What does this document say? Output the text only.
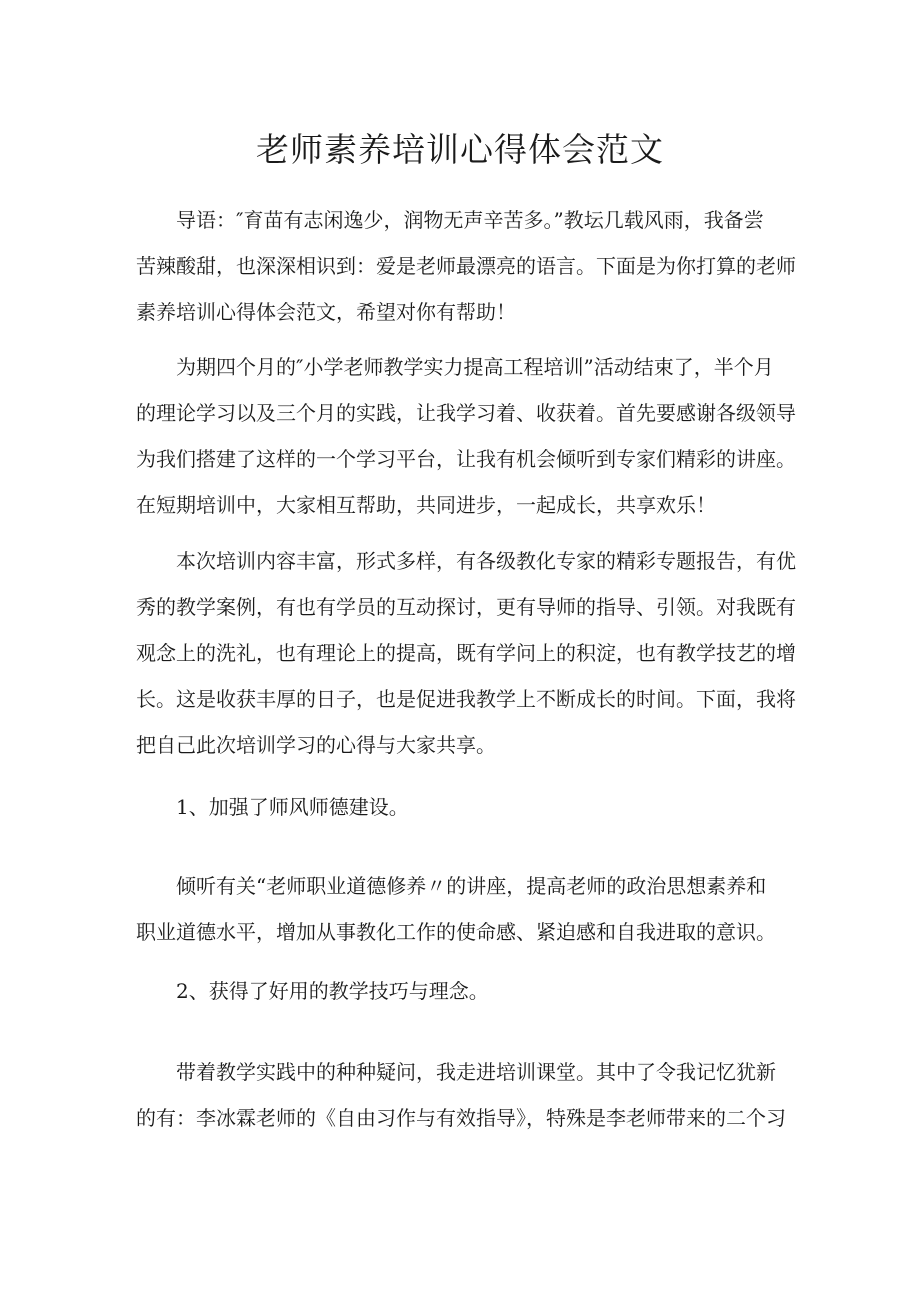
老师素养培训心得体会范文

导语：″育苗有志闲逸少，润物无声辛苦多。”教坛几载风雨，我备尝
苦辣酸甜，也深深相识到：爱是老师最漂亮的语言。下面是为你打算的老师
素养培训心得体会范文，希望对你有帮助！

为期四个月的″小学老师教学实力提高工程培训”活动结束了，半个月
的理论学习以及三个月的实践，让我学习着、收获着。首先要感谢各级领导
为我们搭建了这样的一个学习平台，让我有机会倾听到专家们精彩的讲座。
在短期培训中，大家相互帮助，共同进步，一起成长，共享欢乐！

本次培训内容丰富，形式多样，有各级教化专家的精彩专题报告，有优
秀的教学案例，有也有学员的互动探讨，更有导师的指导、引领。对我既有
观念上的洗礼，也有理论上的提高，既有学问上的积淀，也有教学技艺的增
长。这是收获丰厚的日子，也是促进我教学上不断成长的时间。下面，我将
把自己此次培训学习的心得与大家共享。

1、加强了师风师德建设。

倾听有关“老师职业道德修养〃的讲座，提高老师的政治思想素养和
职业道德水平，增加从事教化工作的使命感、紧迫感和自我进取的意识。

2、获得了好用的教学技巧与理念。

带着教学实践中的种种疑问，我走进培训课堂。其中了令我记忆犹新
的有：李冰霖老师的《自由习作与有效指导》，特殊是李老师带来的二个习
